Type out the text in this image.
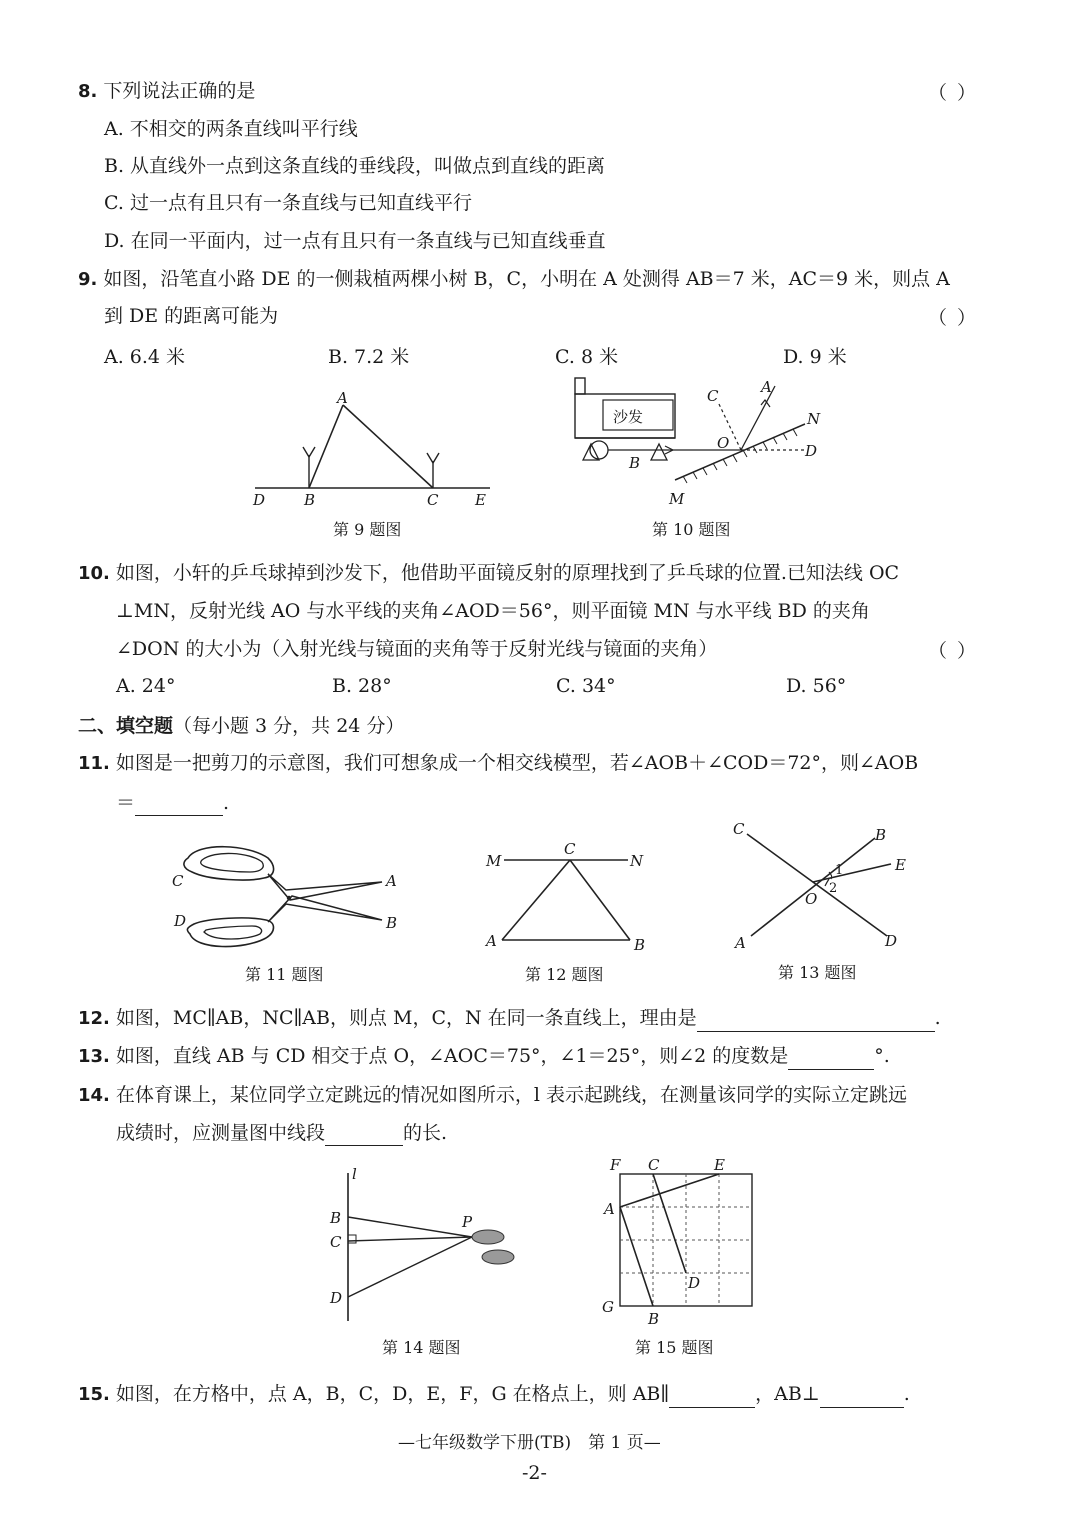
8. 下列说法正确的是	（ ）
A. 不相交的两条直线叫平行线
B. 从直线外一点到这条直线的垂线段，叫做点到直线的距离
C. 过一点有且只有一条直线与已知直线平行
D. 在同一平面内，过一点有且只有一条直线与已知直线垂直
9. 如图，沿笔直小路 DE 的一侧栽植两棵小树 B，C，小明在 A 处测得 AB＝7 米，AC＝9 米，则点 A
到 DE 的距离可能为	（ ）
A. 6.4 米	B. 7.2 米	C. 8 米	D. 9 米
A
D	B	C E
第 9 题图
沙发
C	A
N
D
O
B
M
第 10 题图
10. 如图，小轩的乒乓球掉到沙发下，他借助平面镜反射的原理找到了乒乓球的位置.已知法线 OC
⊥MN，反射光线 AO 与水平线的夹角∠AOD＝56°，则平面镜 MN 与水平线 BD 的夹角
∠DON 的大小为（入射光线与镜面的夹角等于反射光线与镜面的夹角）	（ ）
A. 24°	B. 28°	C. 34°	D. 56°
二、填空题（每小题 3 分，共 24 分）
11. 如图是一把剪刀的示意图，我们可想象成一个相交线模型，若∠AOB＋∠COD＝72°，则∠AOB
＝	.
C
D
A
B
第 11 题图
M
C
N
A	B
第 12 题图
C	B
E
1
2
O
A	D
第 13 题图
12. 如图，MC∥AB，NC∥AB，则点 M，C，N 在同一条直线上，理由是	.
13. 如图，直线 AB 与 CD 相交于点 O，∠AOC＝75°，∠1＝25°，则∠2 的度数是	°.
14. 在体育课上，某位同学立定跳远的情况如图所示，l 表示起跳线，在测量该同学的实际立定跳远
成绩时，应测量图中线段	的长.
l
B
C
D
P
第 14 题图
F C	E
A
D
G
B
第 15 题图
15. 如图，在方格中，点 A，B，C，D，E，F，G 在格点上，则 AB∥	，AB⊥	.
—七年级数学下册(TB)　第 1 页—
-2-
